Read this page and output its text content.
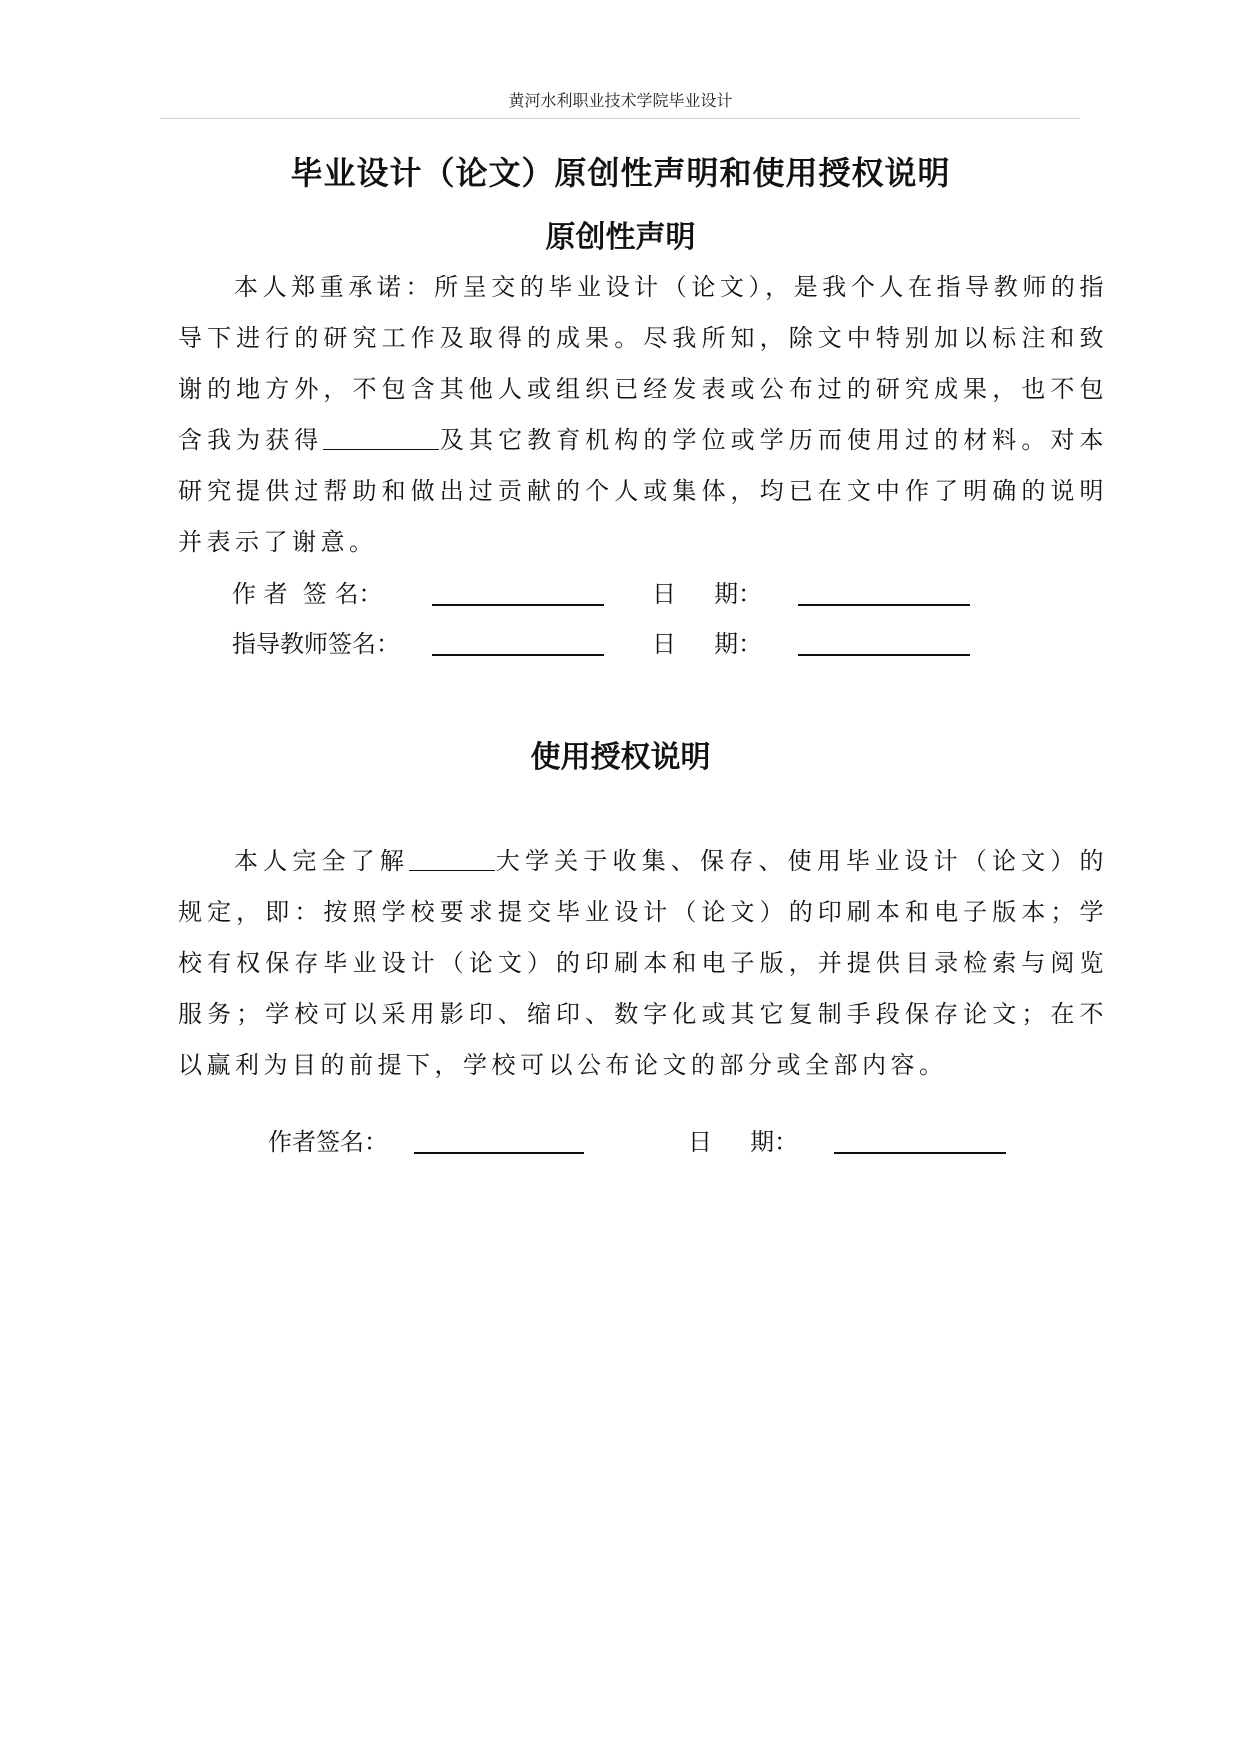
黄河水利职业技术学院毕业设计
毕业设计（论文）原创性声明和使用授权说明
原创性声明

本人郑重承诺：所呈交的毕业设计（论文），是我个人在指导教师的指导下进行的研究工作及取得的成果。尽我所知，除文中特别加以标注和致谢的地方外，不包含其他人或组织已经发表或公布过的研究成果，也不包含我为获得	及其它教育机构的学位或学历而使用过的材料。对本研究提供过帮助和做出过贡献的个人或集体，均已在文中作了明确的说明并表示了谢意。

作 者  签 名：	日     期：
指导教师签名：	日     期：
使用授权说明

本人完全了解	大学关于收集、保存、使用毕业设计（论文）的规定，即：按照学校要求提交毕业设计（论文）的印刷本和电子版本；学校有权保存毕业设计（论文）的印刷本和电子版，并提供目录检索与阅览服务；学校可以采用影印、缩印、数字化或其它复制手段保存论文；在不以赢利为目的前提下，学校可以公布论文的部分或全部内容。

作者签名：	日     期：
